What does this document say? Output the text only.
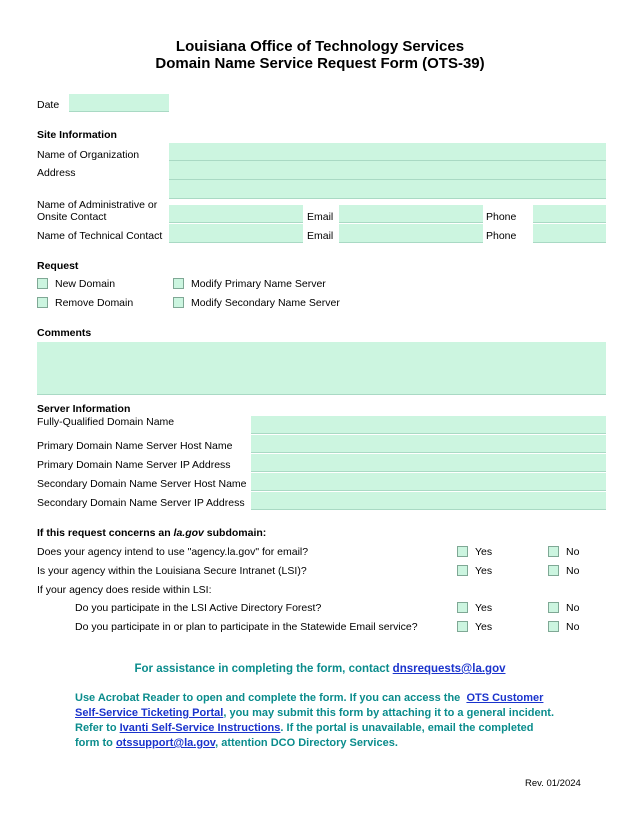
Louisiana Office of Technology Services
Domain Name Service Request Form (OTS-39)
Date
Site Information
Name of Organization
Address
Name of Administrative or
Onsite Contact	Email	Phone
Name of Technical Contact	Email	Phone
Request
New Domain
Remove Domain
Modify Primary Name Server
Modify Secondary Name Server
Comments
Server Information
Fully-Qualified Domain Name
Primary Domain Name Server Host Name
Primary Domain Name Server IP Address
Secondary Domain Name Server Host Name
Secondary Domain Name Server IP Address
If this request concerns an la.gov subdomain:
Does your agency intend to use "agency.la.gov" for email?	Yes	No
Is your agency within the Louisiana Secure Intranet (LSI)?	Yes	No
If your agency does reside within LSI:
Do you participate in the LSI Active Directory Forest?	Yes	No
Do you participate in or plan to participate in the Statewide Email service?	Yes	No
For assistance in completing the form, contact dnsrequests@la.gov
Use Acrobat Reader to open and complete the form. If you can access the OTS Customer Self-Service Ticketing Portal, you may submit this form by attaching it to a general incident. Refer to Ivanti Self-Service Instructions. If the portal is unavailable, email the completed form to otssupport@la.gov, attention DCO Directory Services.
Rev. 01/2024
